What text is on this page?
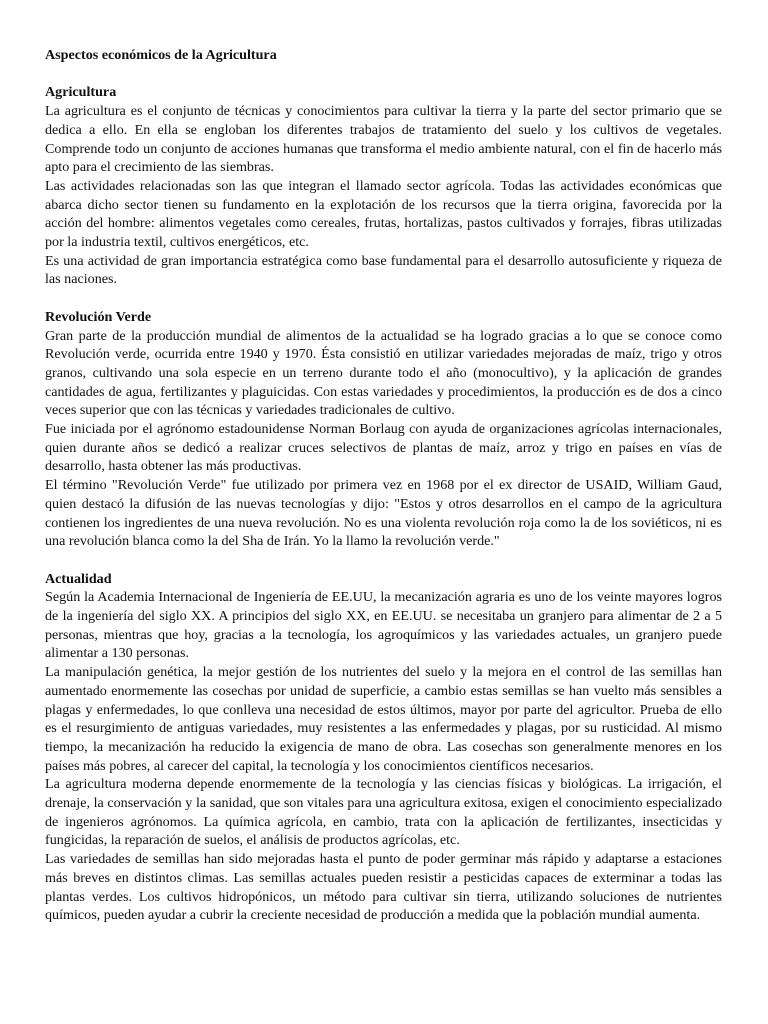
Aspectos económicos de la Agricultura

Agricultura

La agricultura es el conjunto de técnicas y conocimientos para cultivar la tierra y la parte del sector primario que se dedica a ello. En ella se engloban los diferentes trabajos de tratamiento del suelo y los cultivos de vegetales. Comprende todo un conjunto de acciones humanas que transforma el medio ambiente natural, con el fin de hacerlo más apto para el crecimiento de las siembras.

Las actividades relacionadas son las que integran el llamado sector agrícola. Todas las actividades económicas que abarca dicho sector tienen su fundamento en la explotación de los recursos que la tierra origina, favorecida por la acción del hombre: alimentos vegetales como cereales, frutas, hortalizas, pastos cultivados y forrajes, fibras utilizadas por la industria textil, cultivos energéticos, etc.

Es una actividad de gran importancia estratégica como base fundamental para el desarrollo autosuficiente y riqueza de las naciones.

Revolución Verde

Gran parte de la producción mundial de alimentos de la actualidad se ha logrado gracias a lo que se conoce como Revolución verde, ocurrida entre 1940 y 1970. Ésta consistió en utilizar variedades mejoradas de maíz, trigo y otros granos, cultivando una sola especie en un terreno durante todo el año (monocultivo), y la aplicación de grandes cantidades de agua, fertilizantes y plaguicidas. Con estas variedades y procedimientos, la producción es de dos a cinco veces superior que con las técnicas y variedades tradicionales de cultivo.

Fue iniciada por el agrónomo estadounidense Norman Borlaug con ayuda de organizaciones agrícolas internacionales, quien durante años se dedicó a realizar cruces selectivos de plantas de maíz, arroz y trigo en países en vías de desarrollo, hasta obtener las más productivas.

El término "Revolución Verde" fue utilizado por primera vez en 1968 por el ex director de USAID, William Gaud, quien destacó la difusión de las nuevas tecnologías y dijo: "Estos y otros desarrollos en el campo de la agricultura contienen los ingredientes de una nueva revolución. No es una violenta revolución roja como la de los soviéticos, ni es una revolución blanca como la del Sha de Irán. Yo la llamo la revolución verde."

Actualidad

Según la Academia Internacional de Ingeniería de EE.UU, la mecanización agraria es uno de los veinte mayores logros de la ingeniería del siglo XX. A principios del siglo XX, en EE.UU. se necesitaba un granjero para alimentar de 2 a 5 personas, mientras que hoy, gracias a la tecnología, los agroquímicos y las variedades actuales, un granjero puede alimentar a 130 personas.

La manipulación genética, la mejor gestión de los nutrientes del suelo y la mejora en el control de las semillas han aumentado enormemente las cosechas por unidad de superficie, a cambio estas semillas se han vuelto más sensibles a plagas y enfermedades, lo que conlleva una necesidad de estos últimos, mayor por parte del agricultor. Prueba de ello es el resurgimiento de antiguas variedades, muy resistentes a las enfermedades y plagas, por su rusticidad. Al mismo tiempo, la mecanización ha reducido la exigencia de mano de obra. Las cosechas son generalmente menores en los países más pobres, al carecer del capital, la tecnología y los conocimientos científicos necesarios.

La agricultura moderna depende enormemente de la tecnología y las ciencias físicas y biológicas. La irrigación, el drenaje, la conservación y la sanidad, que son vitales para una agricultura exitosa, exigen el conocimiento especializado de ingenieros agrónomos. La química agrícola, en cambio, trata con la aplicación de fertilizantes, insecticidas y fungicidas, la reparación de suelos, el análisis de productos agrícolas, etc.

Las variedades de semillas han sido mejoradas hasta el punto de poder germinar más rápido y adaptarse a estaciones más breves en distintos climas. Las semillas actuales pueden resistir a pesticidas capaces de exterminar a todas las plantas verdes. Los cultivos hidropónicos, un método para cultivar sin tierra, utilizando soluciones de nutrientes químicos, pueden ayudar a cubrir la creciente necesidad de producción a medida que la población mundial aumenta.
